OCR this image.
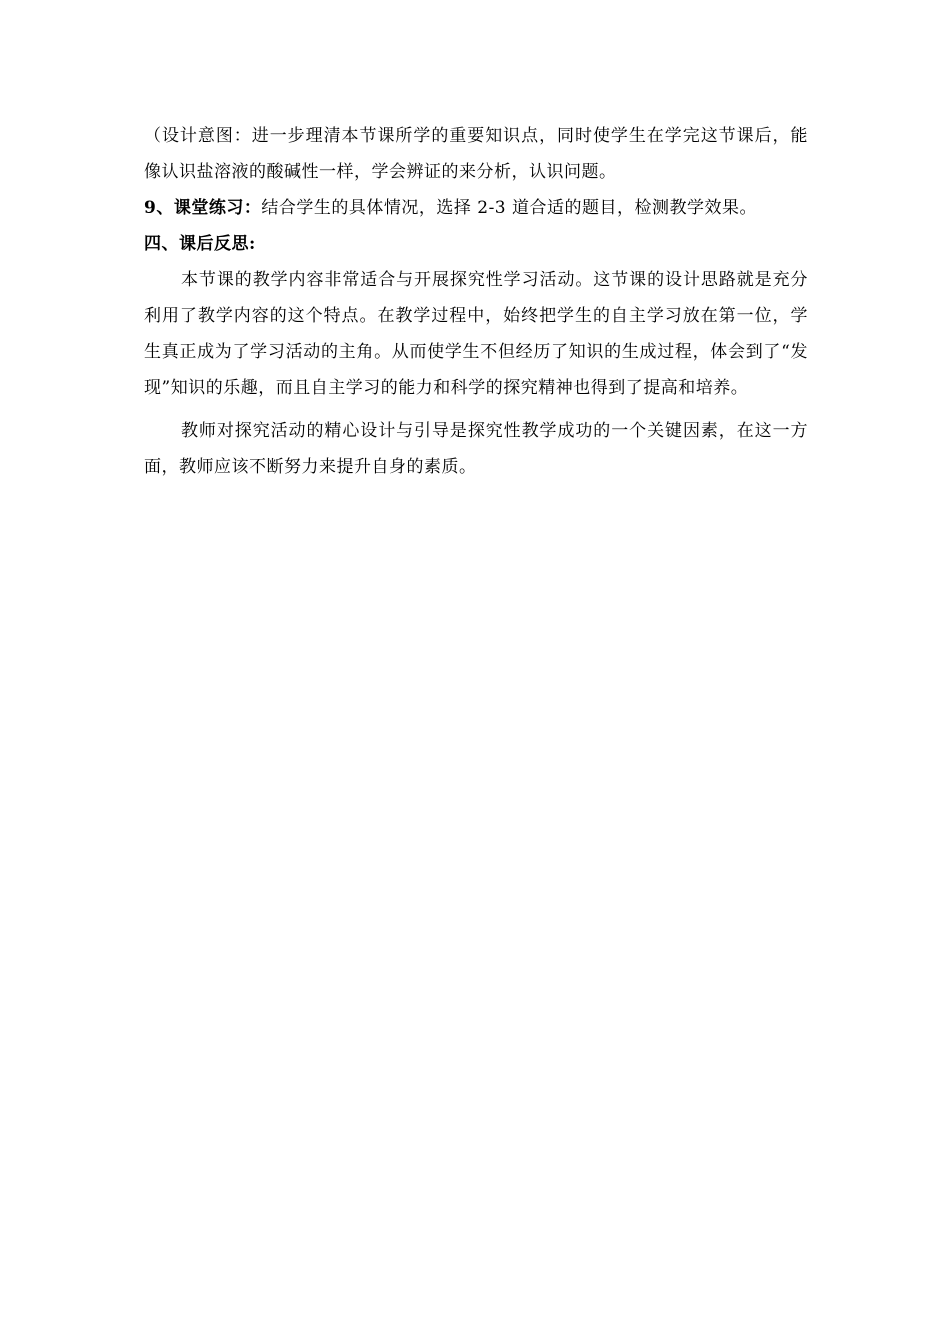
（设计意图：进一步理清本节课所学的重要知识点，同时使学生在学完这节课后，能像认识盐溶液的酸碱性一样，学会辨证的来分析，认识问题。

9、课堂练习：结合学生的具体情况，选择 2-3 道合适的题目，检测教学效果。

四、课后反思:

本节课的教学内容非常适合与开展探究性学习活动。这节课的设计思路就是充分利用了教学内容的这个特点。在教学过程中，始终把学生的自主学习放在第一位，学生真正成为了学习活动的主角。从而使学生不但经历了知识的生成过程，体会到了“发现”知识的乐趣，而且自主学习的能力和科学的探究精神也得到了提高和培养。

教师对探究活动的精心设计与引导是探究性教学成功的一个关键因素，在这一方面，教师应该不断努力来提升自身的素质。
